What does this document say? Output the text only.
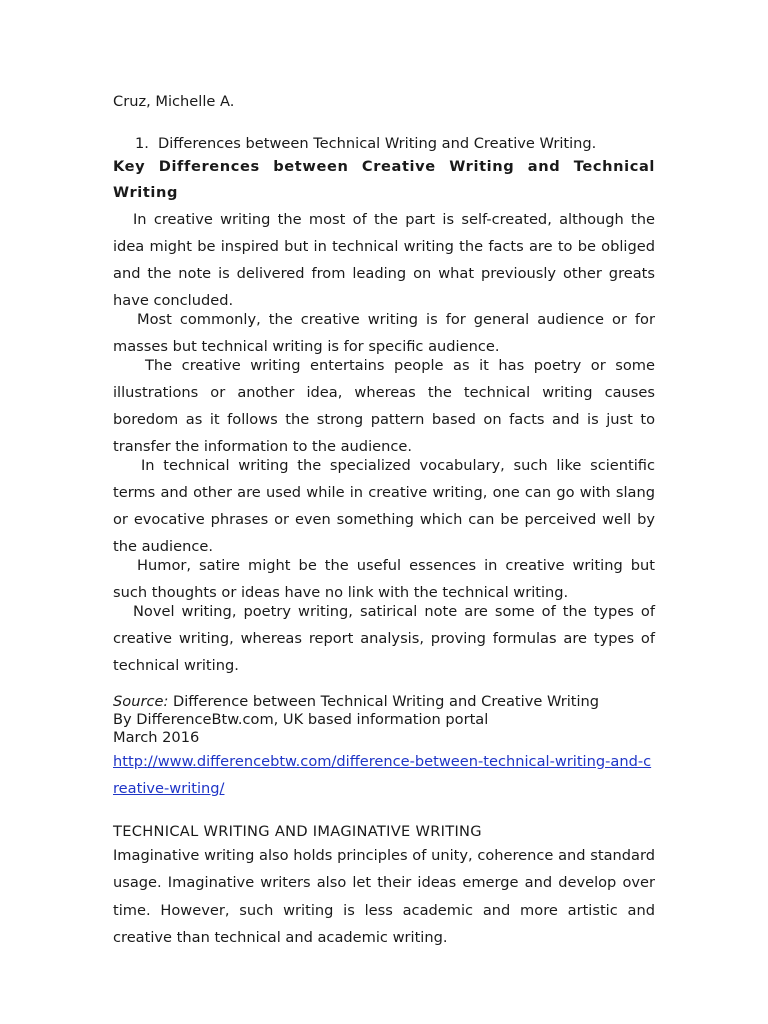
Cruz, Michelle A.
1. Differences between Technical Writing and Creative Writing.
Key Differences between Creative Writing and Technical Writing
In creative writing the most of the part is self-created, although the idea might be inspired but in technical writing the facts are to be obliged and the note is delivered from leading on what previously other greats have concluded.
Most commonly, the creative writing is for general audience or for masses but technical writing is for specific audience.
The creative writing entertains people as it has poetry or some illustrations or another idea, whereas the technical writing causes boredom as it follows the strong pattern based on facts and is just to transfer the information to the audience.
In technical writing the specialized vocabulary, such like scientific terms and other are used while in creative writing, one can go with slang or evocative phrases or even something which can be perceived well by the audience.
Humor, satire might be the useful essences in creative writing but such thoughts or ideas have no link with the technical writing.
Novel writing, poetry writing, satirical note are some of the types of creative writing, whereas report analysis, proving formulas are types of technical writing.
Source: Difference between Technical Writing and Creative Writing
By DifferenceBtw.com, UK based information portal
March 2016
http://www.differencebtw.com/difference-between-technical-writing-and-creative-writing/
TECHNICAL WRITING AND IMAGINATIVE WRITING
Imaginative writing also holds principles of unity, coherence and standard usage. Imaginative writers also let their ideas emerge and develop over time. However, such writing is less academic and more artistic and creative than technical and academic writing.
